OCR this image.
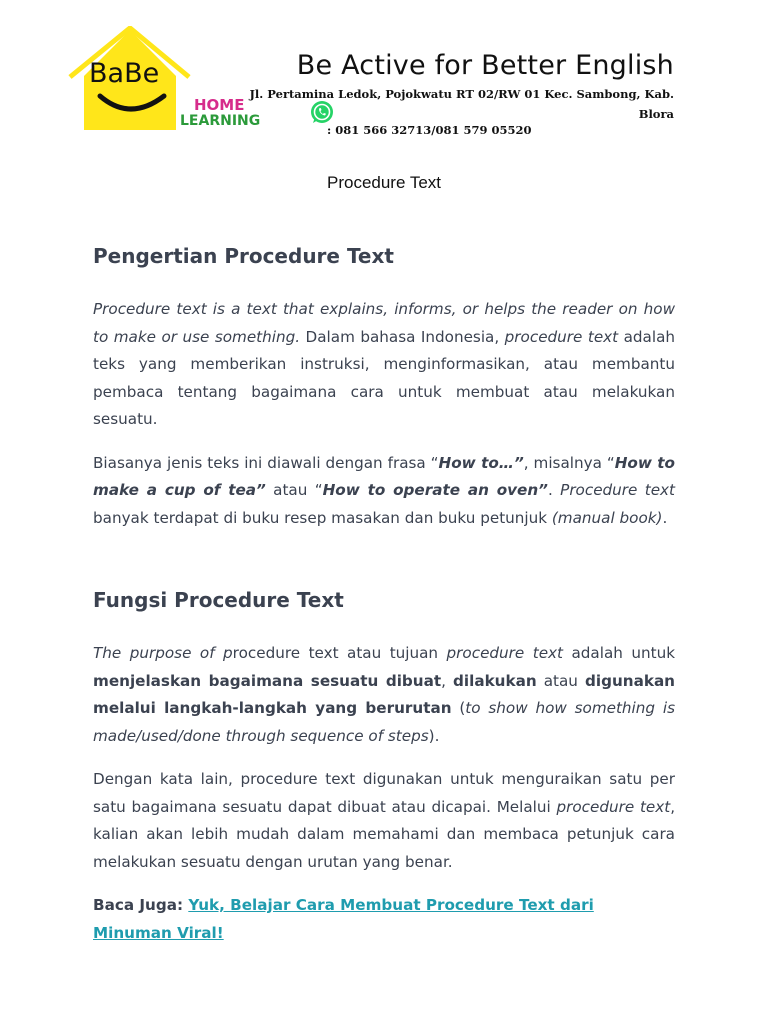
BaBe
HOME
LEARNING
Be Active for Better English
Jl. Pertamina Ledok, Pojokwatu RT 02/RW 01 Kec. Sambong, Kab. Blora
: 081 566 32713/081 579 05520
Procedure Text
Pengertian Procedure Text

Procedure text is a text that explains, informs, or helps the reader on how to make or use something. Dalam bahasa Indonesia, procedure text adalah teks yang memberikan instruksi, menginformasikan, atau membantu pembaca tentang bagaimana cara untuk membuat atau melakukan sesuatu.

Biasanya jenis teks ini diawali dengan frasa “How to…”, misalnya “How to make a cup of tea” atau “How to operate an oven”. Procedure text banyak terdapat di buku resep masakan dan buku petunjuk (manual book).

Fungsi Procedure Text

The purpose of procedure text atau tujuan procedure text adalah untuk menjelaskan bagaimana sesuatu dibuat, dilakukan atau digunakan melalui langkah-langkah yang berurutan (to show how something is made/used/done through sequence of steps).

Dengan kata lain, procedure text digunakan untuk menguraikan satu per satu bagaimana sesuatu dapat dibuat atau dicapai. Melalui procedure text, kalian akan lebih mudah dalam memahami dan membaca petunjuk cara melakukan sesuatu dengan urutan yang benar.

Baca Juga: Yuk, Belajar Cara Membuat Procedure Text dari Minuman Viral!
